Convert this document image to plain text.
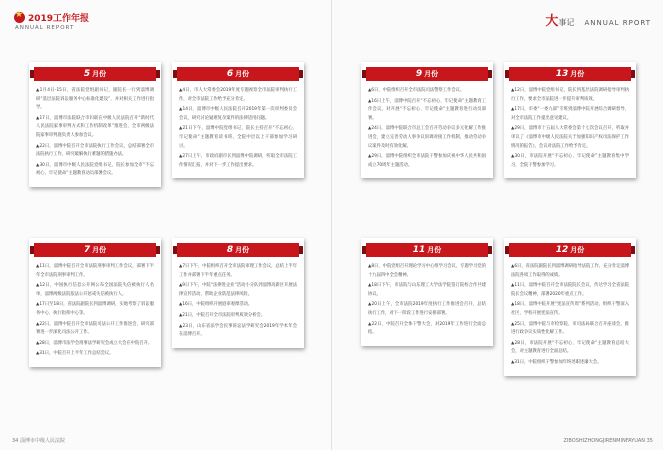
★
2019工作年报
ANNUAL REPORT
5 月份

▲1月4日-15日，省法院党组副书记、副院长一行到淄博调研“基层法院诉讼服务中心标准化建设”，并对相关工作进行指导。

▲17日，淄博市法院联合市妇联在中级人民法院召开“新时代人民法院家事审判方式和工作机制改革”推进会，全市两级法院家事审判庭负责人参加会议。

▲22日，淄博中院召开全市法院执行工作会议，总结部署全市法院执行工作，研究破解执行难题的措施办法。

▲30日，淄博市中级人民法院党组书记、院长参加全市“不忘初心、牢记使命”主题教育动员部署会议。

6 月份

▲4日，市人大常委会2019年度专题视察全市法院审判执行工作，对全市法院工作给予充分肯定。

▲14日，淄博市中级人民法院召开2019年第一次审判委员会会议，研究讨论疑难复杂案件的法律适用问题。

▲21日下午，淄博中院党组书记、院长主持召开“不忘初心、牢记使命”主题教育读书班，全院中层以上干部参加学习研讨。

▲27日上午，市政府副市长到淄博中院调研，听取全市法院工作情况汇报，并对下一步工作提出要求。

7 月份

▲11日，淄博中院召开全市法院刑事审判工作会议，部署下半年全市法院刑事审判工作。

▲12日，中国执行信息公开网公布全国法院失信被执行人名单，淄博两级法院依法公开惩戒失信被执行人。

▲17日至18日，省法院副院长到淄博调研，实地考察了诉讼服务中心、执行指挥中心等。

▲22日，淄博中院召开全市法院司法公开工作推进会，研究部署进一步深化司法公开工作。

▲28日，淄博市法学会刑事法学研究会成立大会在中院召开。

▲31日，中院召开上半年工作总结会议。

8 月份

▲7日下午，中院组织召开全市法院审理工作会议，总结上半年工作并部署下半年重点任务。

▲9日下午，中院“法律进企业”活动小分队到淄博高新区开展法律宣传活动，帮助企业防范法律风险。

▲16日，中院组织开展庭审观摩活动。

▲21日，中院召开全市法院审判质效分析会。

▲23日，山东省法学会民事诉讼法学研究会2019年学术年会在淄博召开。

34 淄博市中级人民法院
大事记 ANNUAL RPORT
9 月份

▲6日，中院组织召开全市法院司法警察工作会议。

▲16日上午，淄博中院召开“不忘初心、牢记使命”主题教育工作会议，对开展“不忘初心、牢记使命”主题教育进行动员部署。

▲24日，淄博中院联合市总工会召开劳动争议多元化解工作推进会，建立完善劳动人事争议诉调对接工作机制，推动劳动争议案件及时有效化解。

▲29日，淄博中院组织全市法院干警参加庆祝中华人民共和国成立70周年主题活动。

13 月份

▲12日，淄博中院党组书记、院长到基层法院调研指导审判执行工作，要求全市法院进一步提升审判质效。

▲17日，市委“一委九部”专班到淄博中院开展综合调研督导，对全市法院工作提出意见建议。

▲29日，淄博市十五届人大常委会第十七次会议召开，听取并审议了《淄博市中级人民法院关于加强知识产权司法保护工作情况的报告》，会议对法院工作给予肯定。

▲30日，市法院开展“不忘初心、牢记使命”主题教育集中学习，全院干警参加学习。

11 月份

▲8日，中院党组召开理论学习中心组学习会议，专题学习党的十九届四中全会精神。

▲18日下午，市法院与山东理工大学法学院签订院校合作共建协议。

▲20日上午，全市法院2019年度执行工作推进会召开，总结执行工作，对下一阶段工作进行安排部署。

▲22日，中院召开全体干警大会，对2019年工作进行全面总结。

12 月份

▲6日，省法院副院长到淄博调研指导法院工作，充分肯定淄博法院各项工作取得的成绩。

▲11日，淄博中院召开全市法院院长会议，传达学习全省法院院长会议精神，部署2020年重点工作。

▲18日，淄博中院开展“宪法宣传周”系列活动，组织干警深入社区、学校开展宪法宣传。

▲25日，淄博中院与市检察院、市司法局联合召开座谈会，推进行政争议实质性化解工作。

▲28日，市法院开展“不忘初心、牢记使命”主题教育总结大会，对主题教育进行全面总结。

▲31日，中院组织干警参加年终述职述廉大会。

ZIBOSHIZHONGJIRENMINFAYUAN 35
